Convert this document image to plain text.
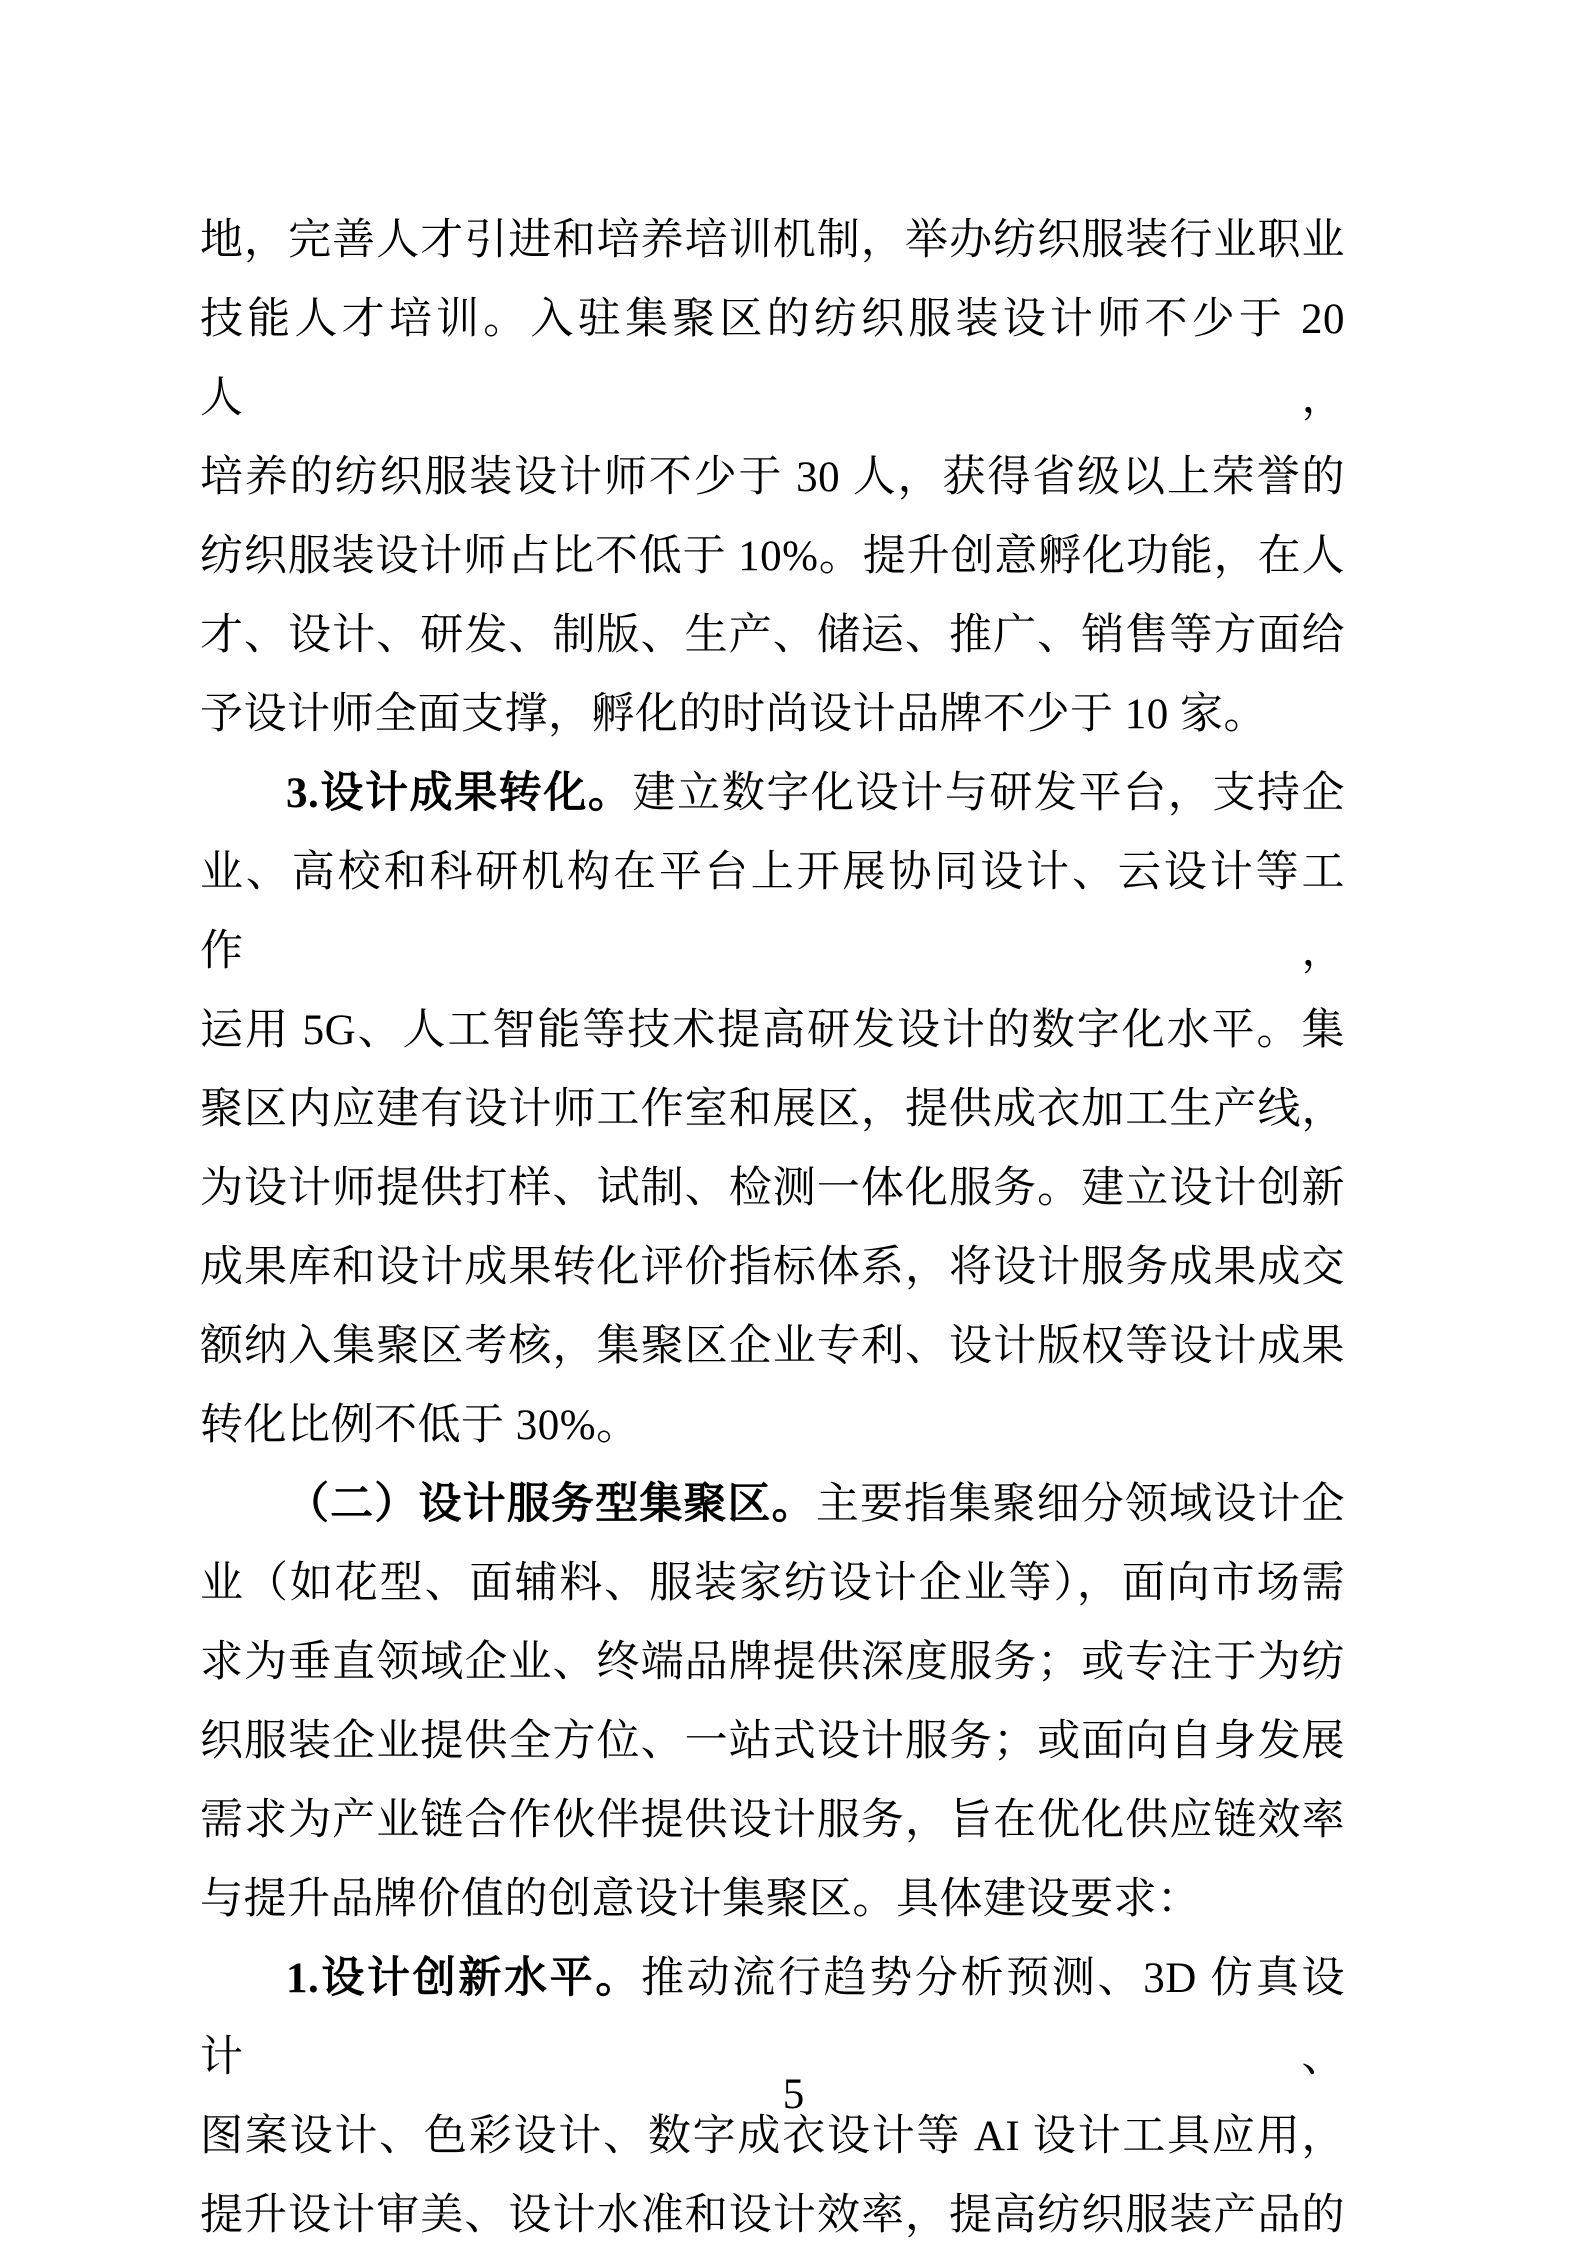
地，完善人才引进和培养培训机制，举办纺织服装行业职业
技能人才培训。入驻集聚区的纺织服装设计师不少于 20 人，
培养的纺织服装设计师不少于 30 人，获得省级以上荣誉的
纺织服装设计师占比不低于 10%。提升创意孵化功能，在人
才、设计、研发、制版、生产、储运、推广、销售等方面给
予设计师全面支撑，孵化的时尚设计品牌不少于 10 家。
3.设计成果转化。建立数字化设计与研发平台，支持企
业、高校和科研机构在平台上开展协同设计、云设计等工作，
运用 5G、人工智能等技术提高研发设计的数字化水平。集
聚区内应建有设计师工作室和展区，提供成衣加工生产线，
为设计师提供打样、试制、检测一体化服务。建立设计创新
成果库和设计成果转化评价指标体系，将设计服务成果成交
额纳入集聚区考核，集聚区企业专利、设计版权等设计成果
转化比例不低于 30%。
（二）设计服务型集聚区。主要指集聚细分领域设计企
业（如花型、面辅料、服装家纺设计企业等），面向市场需
求为垂直领域企业、终端品牌提供深度服务；或专注于为纺
织服装企业提供全方位、一站式设计服务；或面向自身发展
需求为产业链合作伙伴提供设计服务，旨在优化供应链效率
与提升品牌价值的创意设计集聚区。具体建设要求：
1.设计创新水平。推动流行趋势分析预测、3D 仿真设计、
图案设计、色彩设计、数字成衣设计等 AI 设计工具应用，
提升设计审美、设计水准和设计效率，提高纺织服装产品的
5
